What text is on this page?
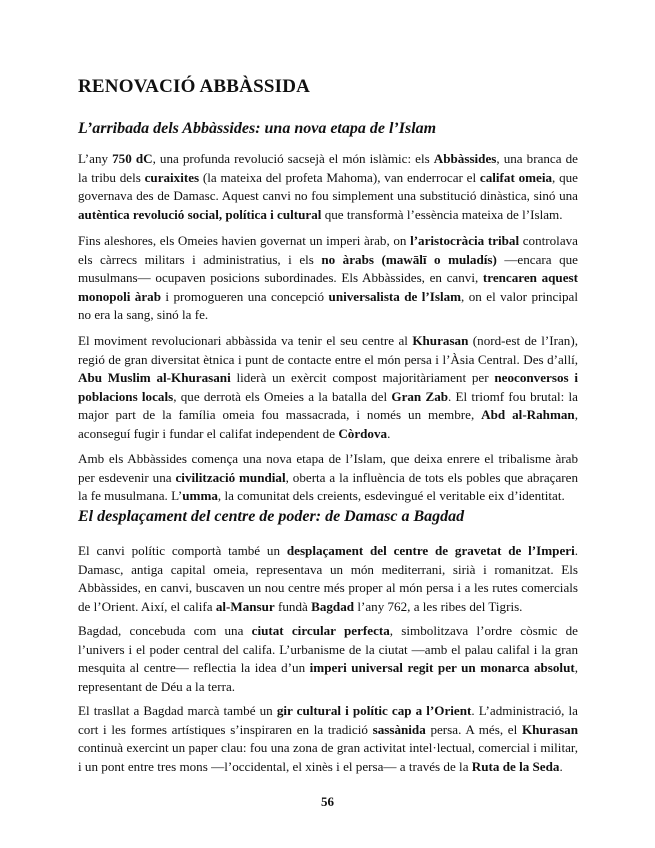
RENOVACIÓ ABBÀSSIDA
L’arribada dels Abbàssides: una nova etapa de l’Islam

L’any 750 dC, una profunda revolució sacsejà el món islàmic: els Abbàssides, una branca de la tribu dels curaixites (la mateixa del profeta Mahoma), van enderrocar el califat omeia, que governava des de Damasc. Aquest canvi no fou simplement una substitució dinàstica, sinó una autèntica revolució social, política i cultural que transformà l’essència mateixa de l’Islam.

Fins aleshores, els Omeies havien governat un imperi àrab, on l’aristocràcia tribal controlava els càrrecs militars i administratius, i els no àrabs (mawālī o muladís) —encara que musulmans— ocupaven posicions subordinades. Els Abbàssides, en canvi, trencaren aquest monopoli àrab i promogueren una concepció universalista de l’Islam, on el valor principal no era la sang, sinó la fe.

El moviment revolucionari abbàssida va tenir el seu centre al Khurasan (nord-est de l’Iran), regió de gran diversitat ètnica i punt de contacte entre el món persa i l’Àsia Central. Des d’allí, Abu Muslim al-Khurasani liderà un exèrcit compost majoritàriament per neoconversos i poblacions locals, que derrotà els Omeies a la batalla del Gran Zab. El triomf fou brutal: la major part de la família omeia fou massacrada, i només un membre, Abd al-Rahman, aconseguí fugir i fundar el califat independent de Còrdova.

Amb els Abbàssides comença una nova etapa de l’Islam, que deixa enrere el tribalisme àrab per esdevenir una civilització mundial, oberta a la influència de tots els pobles que abraçaren la fe musulmana. L’umma, la comunitat dels creients, esdevingué el veritable eix d’identitat.

El desplaçament del centre de poder: de Damasc a Bagdad

El canvi polític comportà també un desplaçament del centre de gravetat de l’Imperi. Damasc, antiga capital omeia, representava un món mediterrani, sirià i romanitzat. Els Abbàssides, en canvi, buscaven un nou centre més proper al món persa i a les rutes comercials de l’Orient. Així, el califa al-Mansur fundà Bagdad l’any 762, a les ribes del Tigris.

Bagdad, concebuda com una ciutat circular perfecta, simbolitzava l’ordre còsmic de l’univers i el poder central del califa. L’urbanisme de la ciutat —amb el palau califal i la gran mesquita al centre— reflectia la idea d’un imperi universal regit per un monarca absolut, representant de Déu a la terra.

El trasllat a Bagdad marcà també un gir cultural i polític cap a l’Orient. L’administració, la cort i les formes artístiques s’inspiraren en la tradició sassànida persa. A més, el Khurasan continuà exercint un paper clau: fou una zona de gran activitat intel·lectual, comercial i militar, i un pont entre tres mons —l’occidental, el xinès i el persa— a través de la Ruta de la Seda.

56
